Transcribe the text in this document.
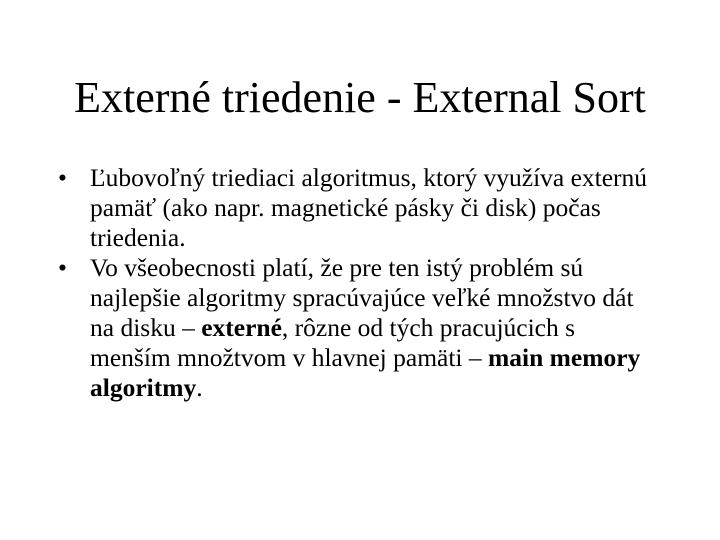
Externé triedenie - External Sort
• Ľubovoľný triediaci algoritmus, ktorý využíva externú pamäť (ako napr. magnetické pásky či disk) počas triedenia.
• Vo všeobecnosti platí, že pre ten istý problém sú najlepšie algoritmy spracúvajúce veľké množstvo dát na disku – externé, rôzne od tých pracujúcich s menším množtvom v hlavnej pamäti – main memory algoritmy.
